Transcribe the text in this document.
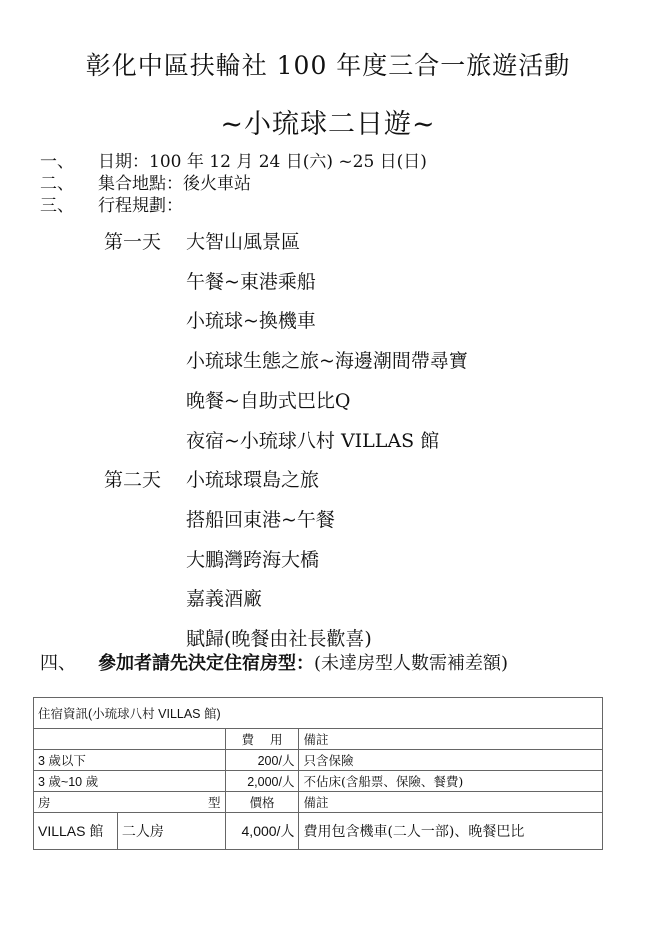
彰化中區扶輪社 100 年度三合一旅遊活動
~小琉球二日遊~
一、 日期：100 年 12 月 24 日(六) ~25 日(日)
二、 集合地點：後火車站
三、 行程規劃：
第一天 大智山風景區
午餐~東港乘船
小琉球~換機車
小琉球生態之旅~海邊潮間帶尋寶
晚餐~自助式巴比Q
夜宿~小琉球八村 VILLAS 館
第二天 小琉球環島之旅
搭船回東港~午餐
大鵬灣跨海大橋
嘉義酒廠
賦歸(晚餐由社長歡喜)
四、 參加者請先決定住宿房型：(未達房型人數需補差額)
住宿資訊(小琉球八村 VILLAS 館)			
		費 用	備註
3 歲以下		200/人	只含保險
3 歲~10 歲		2,000/人	不佔床(含船票、保險、餐費)

房 型		價格	備註
VILLAS 館	二人房	4,000/人	費用包含機車(二人一部)、晚餐巴比
